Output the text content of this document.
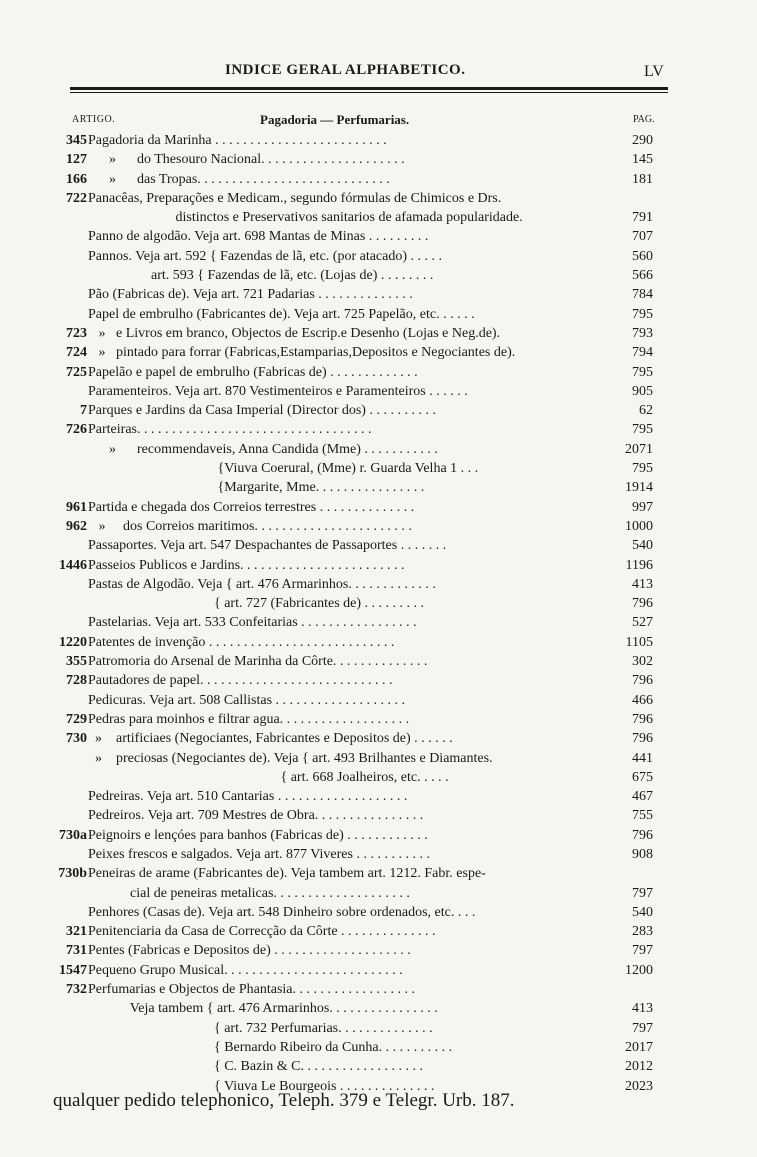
INDICE GERAL ALPHABETICO.	LV
ARTIGO.	Pagadoria — Perfumarias.	PAG.
345 Pagadoria da Marinha . . . . . . . . . . . . . . . . . . . . . . . . .	290
127 »      do Thesouro Nacional. . . . . . . . . . . . . . . . . . . . .	145
166 »      das Tropas. . . . . . . . . . . . . . . . . . . . . . . . . . . .	181
722 Panacêas, Preparações e Medicam., segundo fórmulas de Chimicos e Drs.
distinctos e Preservativos sanitarios de afamada popularidade.	791
Panno de algodão. Veja art. 698 Mantas de Minas . . . . . . . . .	707
Pannos. Veja art. 592 { Fazendas de lã, etc. (por atacado) . . . . .	560
art. 593 { Fazendas de lã, etc. (Lojas de) . . . . . . . .	566
Pão (Fabricas de). Veja art. 721 Padarias . . . . . . . . . . . . . .	784
Papel de embrulho (Fabricantes de). Veja art. 725 Papelão, etc. . . . . .	795
723 »   e Livros em branco, Objectos de Escrip.e Desenho (Lojas e Neg.de).	793
724 »   pintado para forrar (Fabricas,Estamparias,Depositos e Negociantes de).	794
725 Papelão e papel de embrulho (Fabricas de) . . . . . . . . . . . . .	795
Paramenteiros. Veja art. 870 Vestimenteiros e Paramenteiros . . . . . .	905
7 Parques e Jardins da Casa Imperial (Director dos) . . . . . . . . . .	62
726 Parteiras. . . . . . . . . . . . . . . . . . . . . . . . . . . . . . . . . .	795
»      recommendaveis, Anna Candida (Mme) . . . . . . . . . . .	2071
{Viuva Coerural, (Mme) r. Guarda Velha 1 . . .	795
{Margarite, Mme. . . . . . . . . . . . . . . .	1914
961 Partida e chegada dos Correios terrestres . . . . . . . . . . . . . .	997
962 »     dos Correios maritimos. . . . . . . . . . . . . . . . . . . . . . .	1000
Passaportes. Veja art. 547 Despachantes de Passaportes . . . . . . .	540
1446 Passeios Publicos e Jardins. . . . . . . . . . . . . . . . . . . . . . . .	1196
Pastas de Algodão. Veja { art. 476 Armarinhos. . . . . . . . . . . . .	413
{ art. 727 (Fabricantes de) . . . . . . . . .	796
Pastelarias. Veja art. 533 Confeitarias . . . . . . . . . . . . . . . . .	527
1220 Patentes de invenção . . . . . . . . . . . . . . . . . . . . . . . . . . .	1105
355 Patromoria do Arsenal de Marinha da Côrte. . . . . . . . . . . . . .	302
728 Pautadores de papel. . . . . . . . . . . . . . . . . . . . . . . . . . . .	796
Pedicuras. Veja art. 508 Callistas . . . . . . . . . . . . . . . . . . .	466
729 Pedras para moinhos e filtrar agua. . . . . . . . . . . . . . . . . . .	796
730 »    artificiaes (Negociantes, Fabricantes e Depositos de) . . . . . .	796
»    preciosas (Negociantes de). Veja { art. 493 Brilhantes e Diamantes.	441
{ art. 668 Joalheiros, etc. . . . .	675
Pedreiras. Veja art. 510 Cantarias . . . . . . . . . . . . . . . . . . .	467
Pedreiros. Veja art. 709 Mestres de Obra. . . . . . . . . . . . . . . .	755
730a Peignoirs e lençóes para banhos (Fabricas de) . . . . . . . . . . . .	796
Peixes frescos e salgados. Veja art. 877 Viveres . . . . . . . . . . .	908
730b Peneiras de arame (Fabricantes de). Veja tambem art. 1212. Fabr. espe-
cial de peneiras metalicas. . . . . . . . . . . . . . . . . . . .	797
Penhores (Casas de). Veja art. 548 Dinheiro sobre ordenados, etc. . . .	540
321 Penitenciaria da Casa de Correcção da Côrte . . . . . . . . . . . . . .	283
731 Pentes (Fabricas e Depositos de) . . . . . . . . . . . . . . . . . . . .	797
1547 Pequeno Grupo Musical. . . . . . . . . . . . . . . . . . . . . . . . . .	1200
732 Perfumarias e Objectos de Phantasia. . . . . . . . . . . . . . . . . .
Veja tambem { art. 476 Armarinhos. . . . . . . . . . . . . . . .	413
{ art. 732 Perfumarias. . . . . . . . . . . . . .	797
{ Bernardo Ribeiro da Cunha. . . . . . . . . . .	2017
{ C. Bazin & C. . . . . . . . . . . . . . . . . .	2012
{ Viuva Le Bourgeois . . . . . . . . . . . . . .	2023
qualquer pedido telephonico, Teleph. 379 e Telegr. Urb. 187.
